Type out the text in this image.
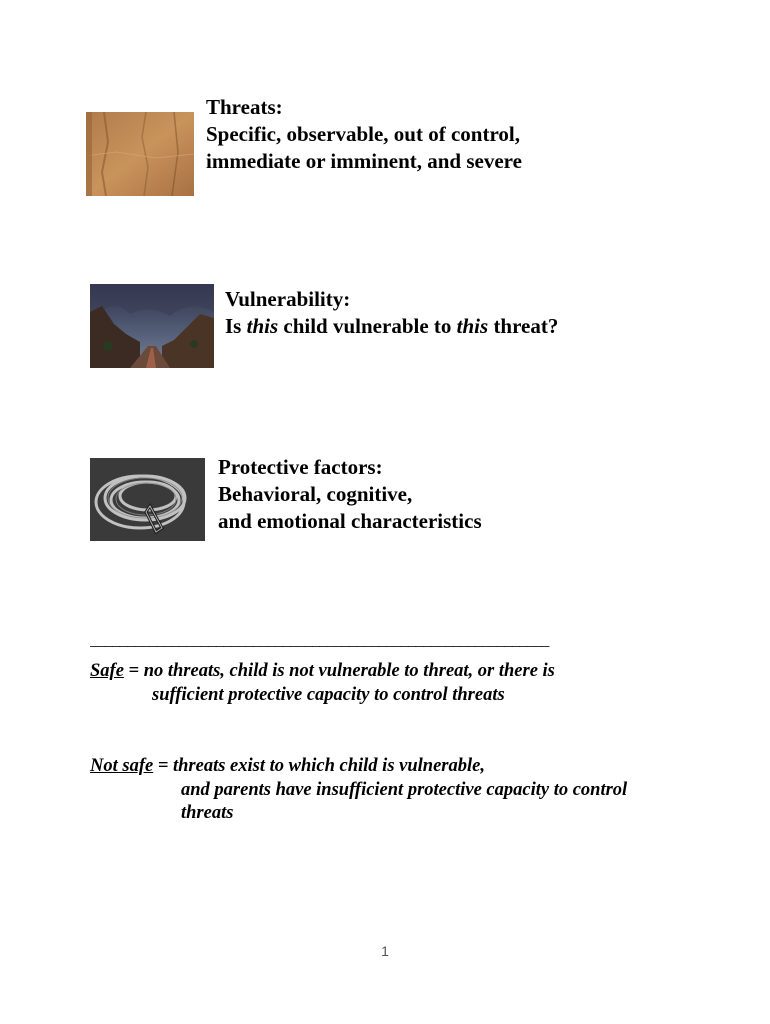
Threats:
Specific, observable, out of control,
immediate or imminent, and severe
Vulnerability:
Is this child vulnerable to this threat?
Protective factors:
Behavioral, cognitive,
and emotional characteristics
______________________________________________________________
Safe = no threats, child is not vulnerable to threat, or there is
sufficient protective capacity to control threats
Not safe = threats exist to which child is vulnerable,
and parents have insufficient protective capacity to control
threats
1
